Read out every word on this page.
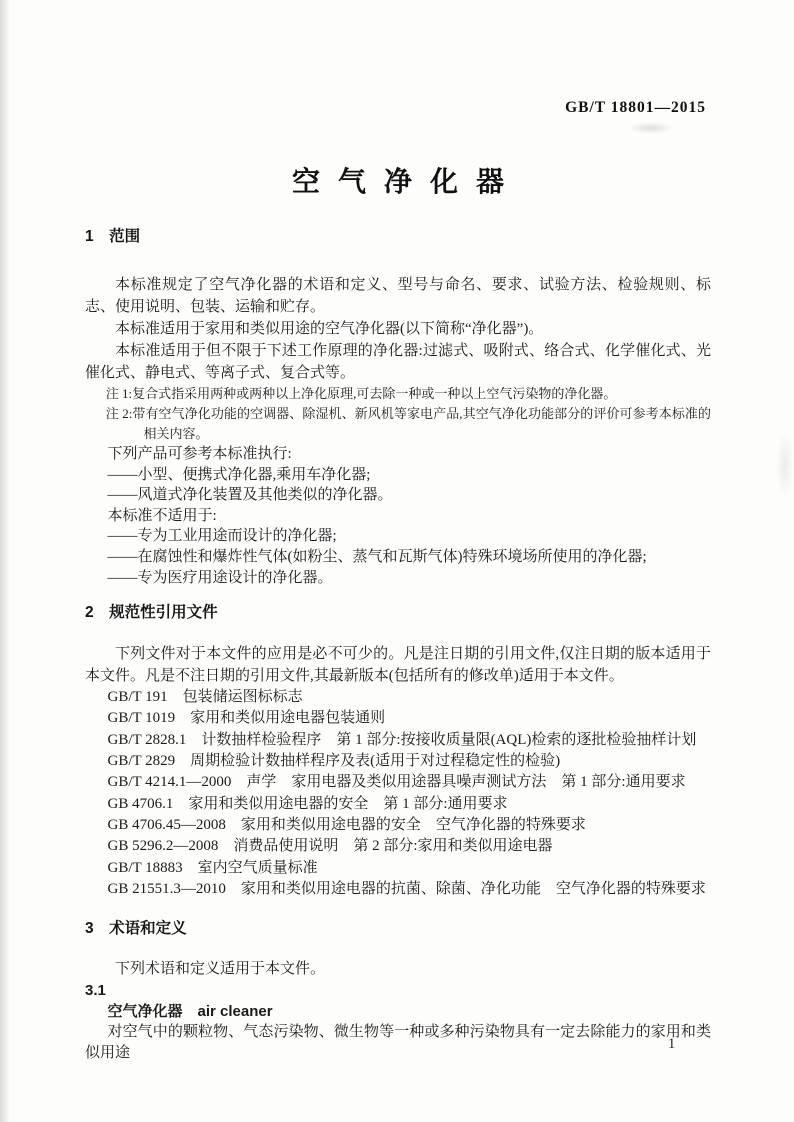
GB/T 18801—2015
空气净化器
1　范围

本标准规定了空气净化器的术语和定义、型号与命名、要求、试验方法、检验规则、标志、使用说明、包装、运输和贮存。

本标准适用于家用和类似用途的空气净化器(以下简称“净化器”)。

本标准适用于但不限于下述工作原理的净化器:过滤式、吸附式、络合式、化学催化式、光催化式、静电式、等离子式、复合式等。

注 1:复合式指采用两种或两种以上净化原理,可去除一种或一种以上空气污染物的净化器。

注 2:带有空气净化功能的空调器、除湿机、新风机等家电产品,其空气净化功能部分的评价可参考本标准的相关内容。

下列产品可参考本标准执行:

——小型、便携式净化器,乘用车净化器;

——风道式净化装置及其他类似的净化器。

本标准不适用于:

——专为工业用途而设计的净化器;

——在腐蚀性和爆炸性气体(如粉尘、蒸气和瓦斯气体)特殊环境场所使用的净化器;

——专为医疗用途设计的净化器。

2　规范性引用文件

下列文件对于本文件的应用是必不可少的。凡是注日期的引用文件,仅注日期的版本适用于本文件。凡是不注日期的引用文件,其最新版本(包括所有的修改单)适用于本文件。

GB/T 191　包装储运图标标志

GB/T 1019　家用和类似用途电器包装通则

GB/T 2828.1　计数抽样检验程序　第 1 部分:按接收质量限(AQL)检索的逐批检验抽样计划

GB/T 2829　周期检验计数抽样程序及表(适用于对过程稳定性的检验)

GB/T 4214.1—2000　声学　家用电器及类似用途器具噪声测试方法　第 1 部分:通用要求

GB 4706.1　家用和类似用途电器的安全　第 1 部分:通用要求

GB 4706.45—2008　家用和类似用途电器的安全　空气净化器的特殊要求

GB 5296.2—2008　消费品使用说明　第 2 部分:家用和类似用途电器

GB/T 18883　室内空气质量标准

GB 21551.3—2010　家用和类似用途电器的抗菌、除菌、净化功能　空气净化器的特殊要求

3　术语和定义

下列术语和定义适用于本文件。

3.1

空气净化器　air cleaner

对空气中的颗粒物、气态污染物、微生物等一种或多种污染物具有一定去除能力的家用和类似用途

1
